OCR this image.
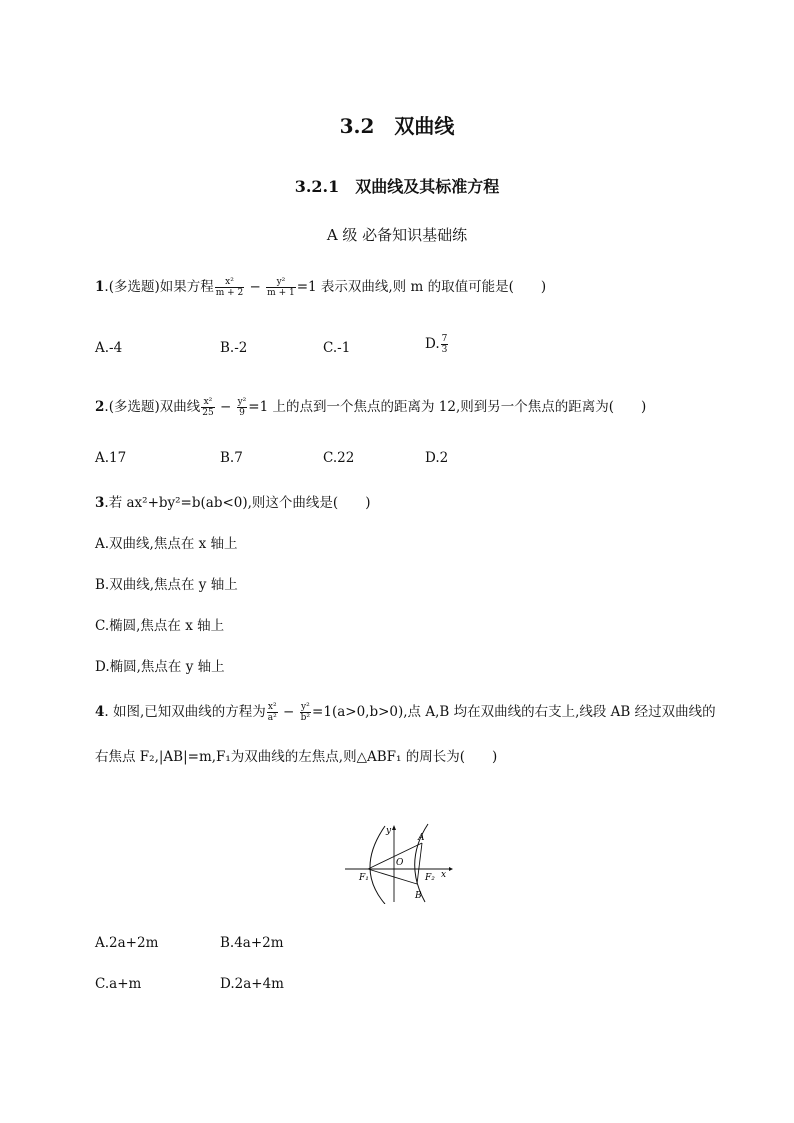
3.2　双曲线
3.2.1　双曲线及其标准方程
A 级 必备知识基础练
1.(多选题)如果方程 $\frac{\text{x²}}{m + 2} - \frac{\text{y²}}{m + 1} =1$ 表示双曲线,则 m 的取值可能是(　　)
A.-4	B.-2	C.-1	D. $\frac{7}{3}$
2.(多选题)双曲线 $\frac{\text{x²}}{25} - \frac{\text{y²}}{9} =1$ 上的点到一个焦点的距离为 12,则到另一个焦点的距离为(　　)
A.17	B.7	C.22	D.2
3.若 ax²+by²=b(ab<0),则这个曲线是(　　)
A.双曲线,焦点在 x 轴上
B.双曲线,焦点在 y 轴上
C.椭圆,焦点在 x 轴上
D.椭圆,焦点在 y 轴上
4. 如图,已知双曲线的方程为 $\frac{\text{x²}}{\text{a²}} - \frac{\text{y²}}{\text{b²}} =1(a>0,b>0)$,点 A,B 均在双曲线的右支上,线段 AB 经过双曲线的
右焦点 F₂,|AB|=m,F₁为双曲线的左焦点,则△ABF₁ 的周长为(　　)
y
x
A
B
O
F₁	F₂
A.2a+2m	B.4a+2m
C.a+m	D.2a+4m
